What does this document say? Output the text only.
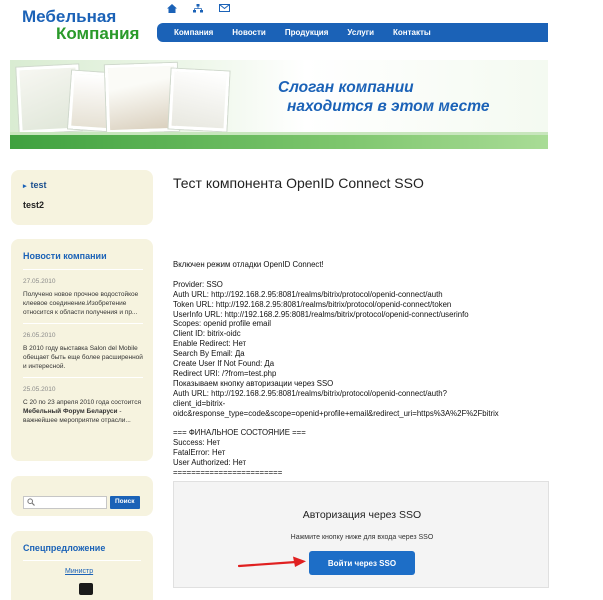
Мебельная
Компания	Компания Новости Продукция Услуги Контакты
Слоган компании
находится в этом месте
▸ test
test2
Новости компании
27.05.2010
Получено новое прочное водостойкое клеевое соединение.Изобретение относится к области получения и пр...
26.05.2010
В 2010 году выставка Salon del Mobile обещает быть еще более расширенной и интересной.
25.05.2010
С 20 по 23 апреля 2010 года состоится Мебельный Форум Беларуси - важнейшее мероприятие отрасли...
Поиск
Спецпредложение
Министр
Тест компонента OpenID Connect SSO
Включен режим отладки OpenID Connect!

Provider: SSO
Auth URL: http://192.168.2.95:8081/realms/bitrix/protocol/openid-connect/auth
Token URL: http://192.168.2.95:8081/realms/bitrix/protocol/openid-connect/token
UserInfo URL: http://192.168.2.95:8081/realms/bitrix/protocol/openid-connect/userinfo
Scopes: openid profile email
Client ID: bitrix-oidc
Enable Redirect: Нет
Search By Email: Да
Create User If Not Found: Да
Redirect URI: /?from=test.php
Показываем кнопку авторизации через SSO
Auth URL: http://192.168.2.95:8081/realms/bitrix/protocol/openid-connect/auth?
client_id=bitrix-
oidc&response_type=code&scope=openid+profile+email&redirect_uri=https%3A%2F%2Fbitrix

=== ФИНАЛЬНОЕ СОСТОЯНИЕ ===
Success: Нет
FatalError: Нет
User Authorized: Нет
========================
Авторизация через SSO
Нажмите кнопку ниже для входа через SSO
Войти через SSO
